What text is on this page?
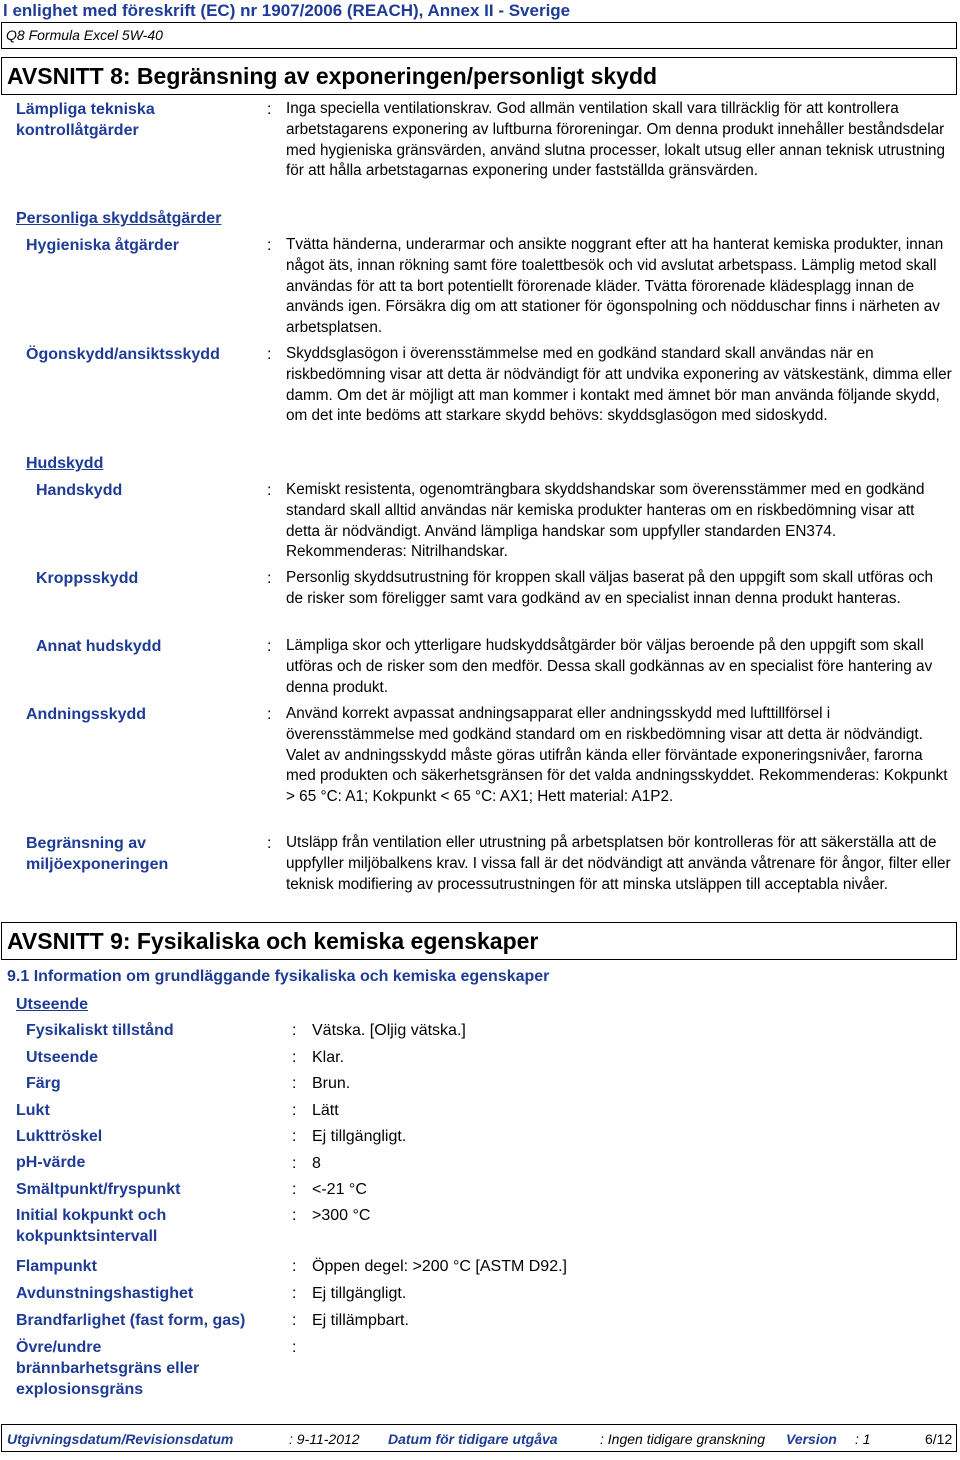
l enlighet med föreskrift (EC) nr 1907/2006 (REACH), Annex II - Sverige
Q8 Formula Excel 5W-40
AVSNITT 8: Begränsning av exponeringen/personligt skydd
Lämpliga tekniska kontrollåtgärder
: Inga speciella ventilationskrav. God allmän ventilation skall vara tillräcklig för att kontrollera arbetstagarens exponering av luftburna föroreningar. Om denna produkt innehåller beståndsdelar med hygieniska gränsvärden, använd slutna processer, lokalt utsug eller annan teknisk utrustning för att hålla arbetstagarnas exponering under fastställda gränsvärden.
Personliga skyddsåtgärder
Hygieniska åtgärder	: Tvätta händerna, underarmar och ansikte noggrant efter att ha hanterat kemiska produkter, innan något äts, innan rökning samt före toalettbesök och vid avslutat arbetspass. Lämplig metod skall användas för att ta bort potentiellt förorenade kläder. Tvätta förorenade klädesplagg innan de används igen. Försäkra dig om att stationer för ögonspolning och nödduschar finns i närheten av arbetsplatsen.
Ögonskydd/ansiktsskydd	: Skyddsglasögon i överensstämmelse med en godkänd standard skall användas när en riskbedömning visar att detta är nödvändigt för att undvika exponering av vätskestänk, dimma eller damm. Om det är möjligt att man kommer i kontakt med ämnet bör man använda följande skydd, om det inte bedöms att starkare skydd behövs: skyddsglasögon med sidoskydd.
Hudskydd
Handskydd	: Kemiskt resistenta, ogenomträngbara skyddshandskar som överensstämmer med en godkänd standard skall alltid användas när kemiska produkter hanteras om en riskbedömning visar att detta är nödvändigt. Använd lämpliga handskar som uppfyller standarden EN374. Rekommenderas: Nitrilhandskar.
Kroppsskydd	: Personlig skyddsutrustning för kroppen skall väljas baserat på den uppgift som skall utföras och de risker som föreligger samt vara godkänd av en specialist innan denna produkt hanteras.
Annat hudskydd	: Lämpliga skor och ytterligare hudskyddsåtgärder bör väljas beroende på den uppgift som skall utföras och de risker som den medför. Dessa skall godkännas av en specialist före hantering av denna produkt.
Andningsskydd	: Använd korrekt avpassat andningsapparat eller andningsskydd med lufttillförsel i överensstämmelse med godkänd standard om en riskbedömning visar att detta är nödvändigt. Valet av andningsskydd måste göras utifrån kända eller förväntade exponeringsnivåer, farorna med produkten och säkerhetsgränsen för det valda andningsskyddet. Rekommenderas: Kokpunkt > 65 °C: A1; Kokpunkt < 65 °C: AX1; Hett material: A1P2.
Begränsning av miljöexponeringen
: Utsläpp från ventilation eller utrustning på arbetsplatsen bör kontrolleras för att säkerställa att de uppfyller miljöbalkens krav. I vissa fall är det nödvändigt att använda våtrenare för ångor, filter eller teknisk modifiering av processutrustningen för att minska utsläppen till acceptabla nivåer.
AVSNITT 9: Fysikaliska och kemiska egenskaper
9.1 Information om grundläggande fysikaliska och kemiska egenskaper
Utseende
Fysikaliskt tillstånd	: Vätska. [Oljig vätska.]
Utseende	: Klar.
Färg	: Brun.
Lukt	: Lätt
Lukttröskel	: Ej tillgängligt.
pH-värde	: 8
Smältpunkt/fryspunkt	: <-21 °C
Initial kokpunkt och kokpunktsintervall
: >300 °C
Flampunkt	: Öppen degel: >200 °C [ASTM D92.]
Avdunstningshastighet	: Ej tillgängligt.
Brandfarlighet (fast form, gas)	: Ej tillämpbart.
Övre/undre brännbarhetsgräns eller explosionsgräns
:
Utgivningsdatum/Revisionsdatum	: 9-11-2012 Datum för tidigare utgåva	: Ingen tidigare granskning Version : 1	6/12
